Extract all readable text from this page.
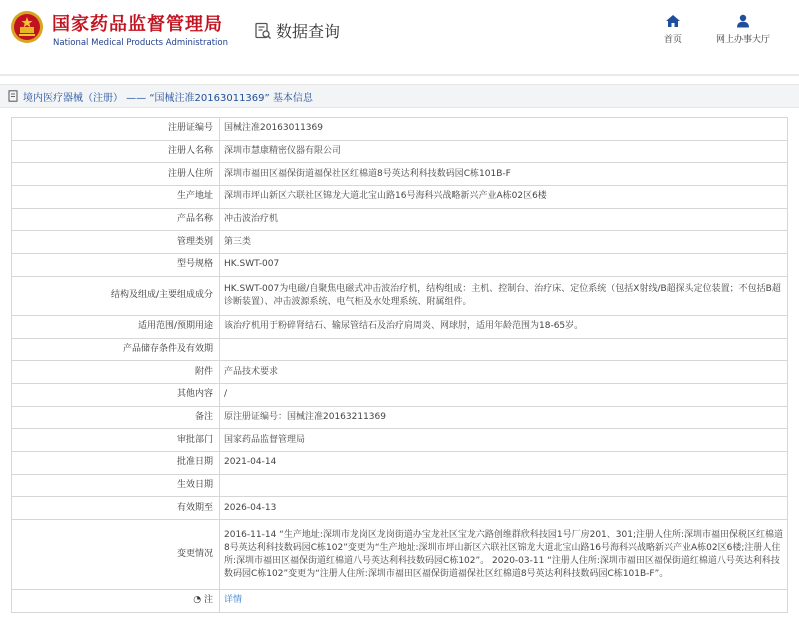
国家药品监督管理局
National Medical Products Administration
数据查询	首页	网上办事大厅
境内医疗器械（注册） —— “国械注准20163011369” 基本信息
注册证编号	国械注准20163011369
注册人名称	深圳市慧康精密仪器有限公司
注册人住所	深圳市福田区福保街道福保社区红棉道8号英达利科技数码园C栋101B-F
生产地址	深圳市坪山新区六联社区锦龙大道北宝山路16号海科兴战略新兴产业A栋02区6楼
产品名称	冲击波治疗机
管理类别	第三类
型号规格	HK.SWT-007
结构及组成/主要组成成分	HK.SWT-007为电磁/自聚焦电磁式冲击波治疗机，结构组成：主机、控制台、治疗床、定位系统（包括X射线/B超探头定位装置；不包括B超诊断装置）、冲击波源系统、电气柜及水处理系统、附属组件。
适用范围/预期用途	该治疗机用于粉碎肾结石、输尿管结石及治疗肩周炎、网球肘，适用年龄范围为18-65岁。
产品储存条件及有效期	
附件	产品技术要求
其他内容	/
备注	原注册证编号：国械注准20163211369
审批部门	国家药品监督管理局
批准日期	2021-04-14
生效日期	
有效期至	2026-04-13
变更情况	2016-11-14 “生产地址:深圳市龙岗区龙岗街道办宝龙社区宝龙六路创维群欣科技园1号厂房201、301;注册人住所:深圳市福田保税区红棉道8号英达利科技数码园C栋102”变更为“生产地址:深圳市坪山新区六联社区锦龙大道北宝山路16号海科兴战略新兴产业A栋02区6楼;注册人住所:深圳市福田区福保街道红棉道八号英达利科技数码园C栋102”。 2020-03-11 “注册人住所:深圳市福田区福保街道红棉道八号英达利科技数码园C栋102”变更为“注册人住所:深圳市福田区福保街道福保社区红棉道8号英达利科技数码园C栋101B-F”。
◔ 注	详情
